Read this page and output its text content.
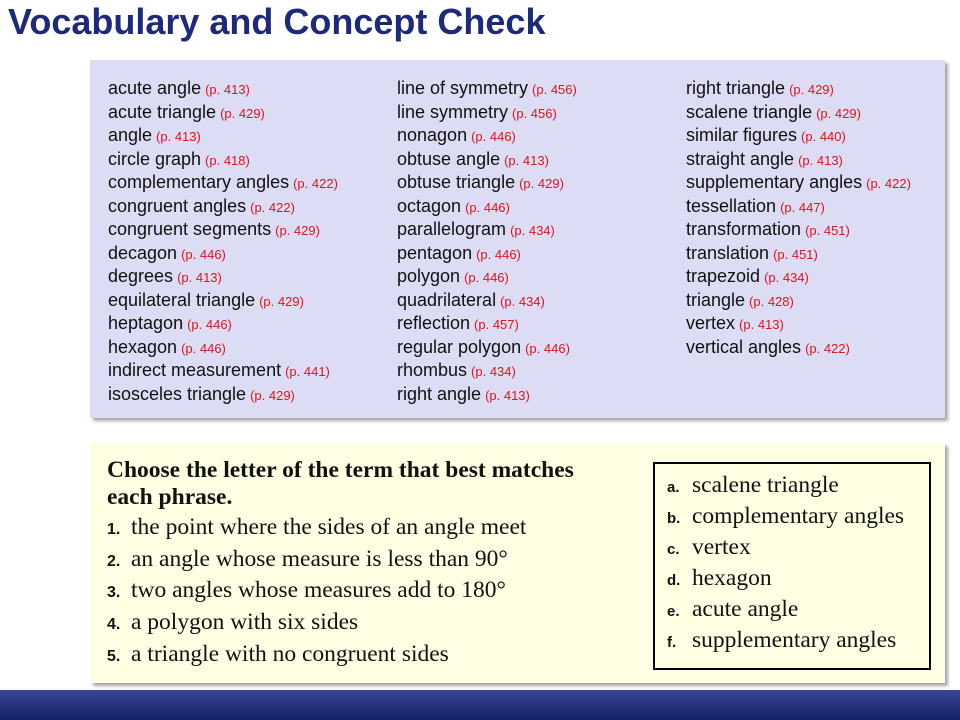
Vocabulary and Concept Check
acute angle (p. 413)
acute triangle (p. 429)
angle (p. 413)
circle graph (p. 418)
complementary angles (p. 422)
congruent angles (p. 422)
congruent segments (p. 429)
decagon (p. 446)
degrees (p. 413)
equilateral triangle (p. 429)
heptagon (p. 446)
hexagon (p. 446)
indirect measurement (p. 441)
isosceles triangle (p. 429)
line of symmetry (p. 456)
line symmetry (p. 456)
nonagon (p. 446)
obtuse angle (p. 413)
obtuse triangle (p. 429)
octagon (p. 446)
parallelogram (p. 434)
pentagon (p. 446)
polygon (p. 446)
quadrilateral (p. 434)
reflection (p. 457)
regular polygon (p. 446)
rhombus (p. 434)
right angle (p. 413)
right triangle (p. 429)
scalene triangle (p. 429)
similar figures (p. 440)
straight angle (p. 413)
supplementary angles (p. 422)
tessellation (p. 447)
transformation (p. 451)
translation (p. 451)
trapezoid (p. 434)
triangle (p. 428)
vertex (p. 413)
vertical angles (p. 422)
Choose the letter of the term that best matches
each phrase.
1. the point where the sides of an angle meet
2. an angle whose measure is less than 90°
3. two angles whose measures add to 180°
4. a polygon with six sides
5. a triangle with no congruent sides
a. scalene triangle
b. complementary angles
c. vertex
d. hexagon
e. acute angle
f. supplementary angles
